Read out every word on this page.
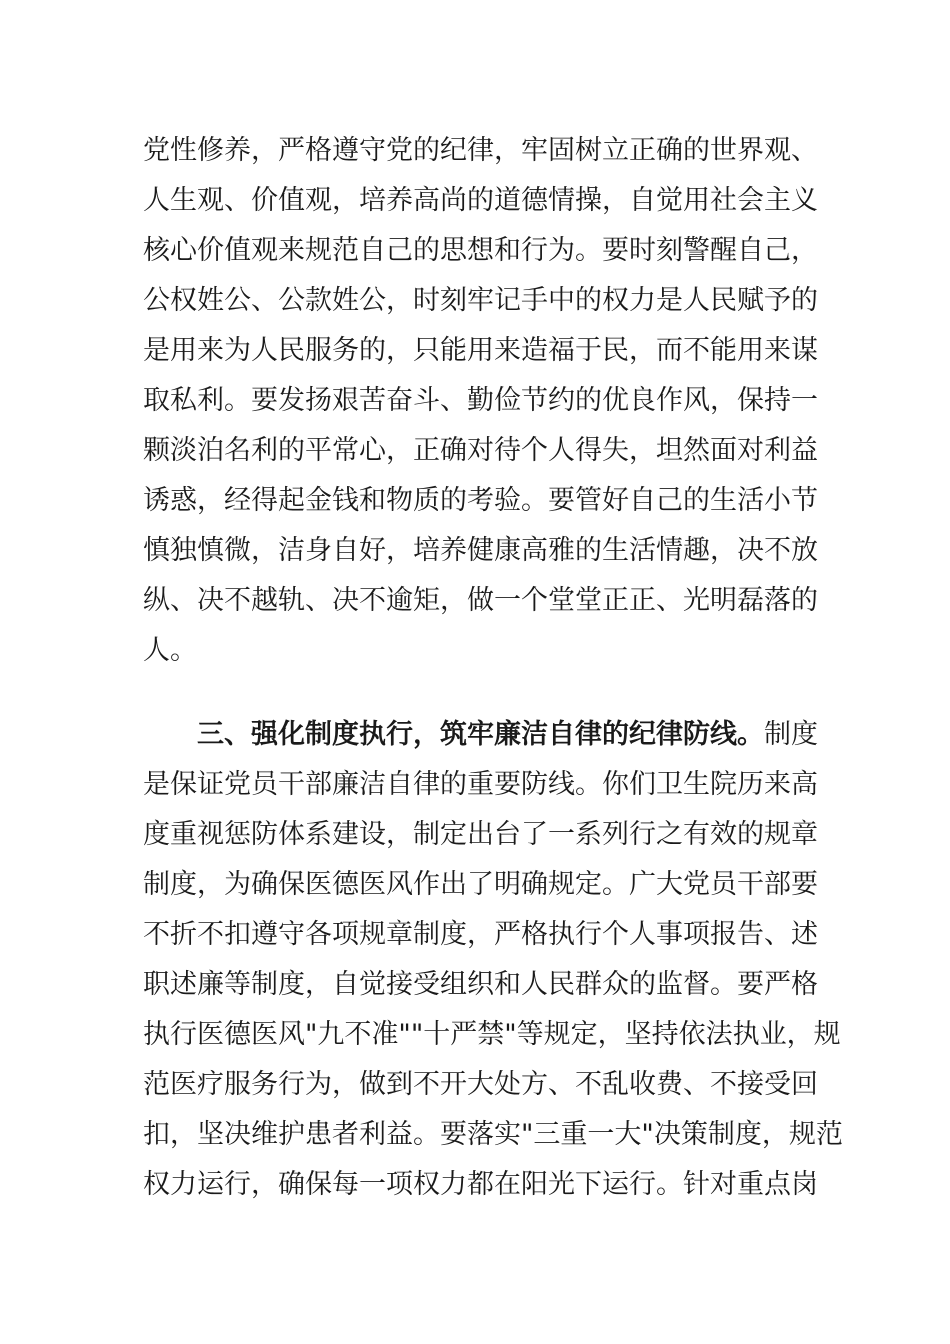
党性修养，严格遵守党的纪律，牢固树立正确的世界观、
人生观、价值观，培养高尚的道德情操，自觉用社会主义
核心价值观来规范自己的思想和行为。要时刻警醒自己，
公权姓公、公款姓公，时刻牢记手中的权力是人民赋予的
是用来为人民服务的，只能用来造福于民，而不能用来谋
取私利。要发扬艰苦奋斗、勤俭节约的优良作风，保持一
颗淡泊名利的平常心，正确对待个人得失，坦然面对利益
诱惑，经得起金钱和物质的考验。要管好自己的生活小节
慎独慎微，洁身自好，培养健康高雅的生活情趣，决不放
纵、决不越轨、决不逾矩，做一个堂堂正正、光明磊落的
人。
三、强化制度执行，筑牢廉洁自律的纪律防线。制度
是保证党员干部廉洁自律的重要防线。你们卫生院历来高
度重视惩防体系建设，制定出台了一系列行之有效的规章
制度，为确保医德医风作出了明确规定。广大党员干部要
不折不扣遵守各项规章制度，严格执行个人事项报告、述
职述廉等制度，自觉接受组织和人民群众的监督。要严格
执行医德医风"九不准""十严禁"等规定，坚持依法执业，规
范医疗服务行为，做到不开大处方、不乱收费、不接受回
扣，坚决维护患者利益。要落实"三重一大"决策制度，规范
权力运行，确保每一项权力都在阳光下运行。针对重点岗
